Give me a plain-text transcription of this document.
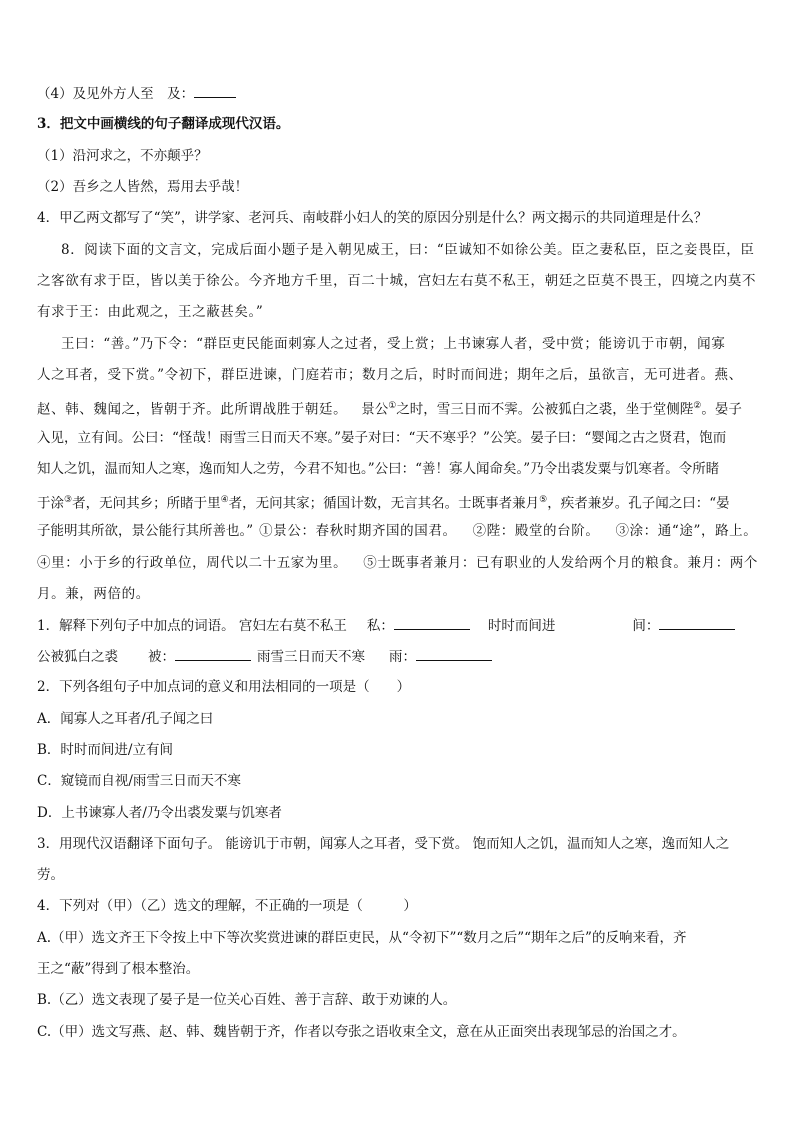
（4）及见外方人至　及：
3．把文中画横线的句子翻译成现代汉语。
（1）沿河求之，不亦颠乎？
（2）吾乡之人皆然，焉用去乎哉！
4．甲乙两文都写了“笑”，讲学家、老河兵、南岐群小妇人的笑的原因分别是什么？两文揭示的共同道理是什么？
8．阅读下面的文言文，完成后面小题子是入朝见威王，曰：“臣诚知不如徐公美。臣之妻私臣，臣之妾畏臣，臣
之客欲有求于臣，皆以美于徐公。今齐地方千里，百二十城，宫妇左右莫不私王，朝廷之臣莫不畏王，四境之内莫不
有求于王：由此观之，王之蔽甚矣。”
王曰：“善。”乃下令：“群臣吏民能面刺寡人之过者，受上赏；上书谏寡人者，受中赏；能谤讥于市朝，闻寡
人之耳者，受下赏。”令初下，群臣进谏，门庭若市；数月之后，时时而间进；期年之后，虽欲言，无可进者。燕、
赵、韩、魏闻之，皆朝于齐。此所谓战胜于朝廷。 景公①之时，雪三日而不霁。公被狐白之裘，坐于堂侧陛②。晏子
入见，立有间。公曰：“怪哉！雨雪三日而天不寒。”晏子对曰：“天不寒乎？”公笑。晏子曰：“婴闻之古之贤君，饱而
知人之饥，温而知人之寒，逸而知人之劳，今君不知也。”公曰：“善！寡人闻命矣。”乃令出裘发粟与饥寒者。令所睹
于涂③者，无问其乡；所睹于里④者，无问其家；循国计数，无言其名。士既事者兼月⑤，疾者兼岁。孔子闻之曰：“晏
子能明其所欲，景公能行其所善也。” ①景公：春秋时期齐国的国君。 ②陛：殿堂的台阶。 ③涂：通“途”，路上。
④里：小于乡的行政单位，周代以二十五家为里。 ⑤士既事者兼月：已有职业的人发给两个月的粮食。兼月：两个
月。兼，两倍的。
1．解释下列句子中加点的词语。 宫妇左右莫不私王 私：	时时而间进	间：
公被狐白之裘 被：	雨雪三日而天不寒 雨：
2．下列各组句子中加点词的意义和用法相同的一项是（　　）
A．闻寡人之耳者/孔子闻之曰
B．时时而间进/立有间
C．窥镜而自视/雨雪三日而天不寒
D．上书谏寡人者/乃令出裘发粟与饥寒者
3．用现代汉语翻译下面句子。 能谤讥于市朝，闻寡人之耳者，受下赏。 饱而知人之饥，温而知人之寒，逸而知人之
劳。
4．下列对（甲）（乙）选文的理解，不正确的一项是（　　　）
A.（甲）选文齐王下令按上中下等次奖赏进谏的群臣吏民，从“令初下”“数月之后”“期年之后”的反响来看，齐
王之“蔽”得到了根本整治。
B.（乙）选文表现了晏子是一位关心百姓、善于言辞、敢于劝谏的人。
C.（甲）选文写燕、赵、韩、魏皆朝于齐，作者以夸张之语收束全文，意在从正面突出表现邹忌的治国之才。
